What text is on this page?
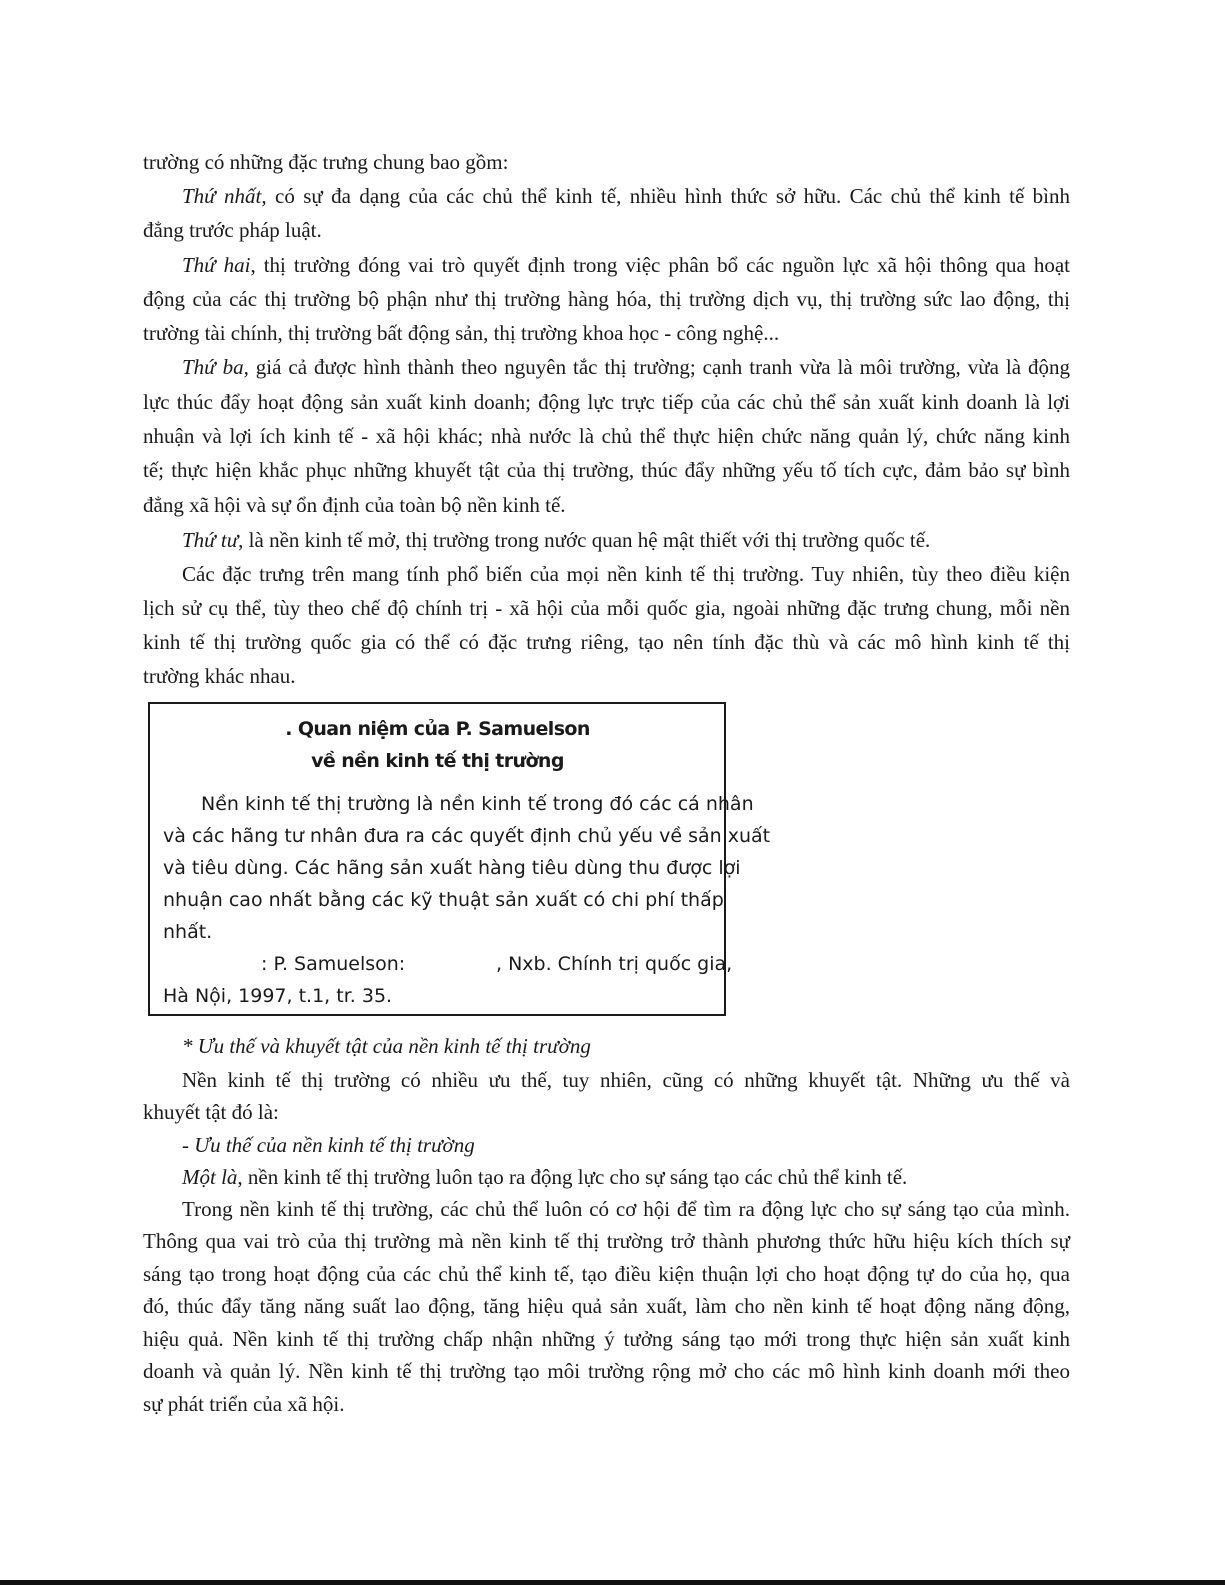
trường có những đặc trưng chung bao gồm:
Thứ nhất, có sự đa dạng của các chủ thể kinh tế, nhiều hình thức sở hữu. Các chủ thể kinh tế bình
đẳng trước pháp luật.
Thứ hai, thị trường đóng vai trò quyết định trong việc phân bổ các nguồn lực xã hội thông qua hoạt
động của các thị trường bộ phận như thị trường hàng hóa, thị trường dịch vụ, thị trường sức lao động, thị
trường tài chính, thị trường bất động sản, thị trường khoa học - công nghệ...
Thứ ba, giá cả được hình thành theo nguyên tắc thị trường; cạnh tranh vừa là môi trường, vừa là động
lực thúc đẩy hoạt động sản xuất kinh doanh; động lực trực tiếp của các chủ thể sản xuất kinh doanh là lợi
nhuận và lợi ích kinh tế - xã hội khác; nhà nước là chủ thể thực hiện chức năng quản lý, chức năng kinh
tế; thực hiện khắc phục những khuyết tật của thị trường, thúc đẩy những yếu tố tích cực, đảm bảo sự bình
đẳng xã hội và sự ổn định của toàn bộ nền kinh tế.
Thứ tư, là nền kinh tế mở, thị trường trong nước quan hệ mật thiết với thị trường quốc tế.
Các đặc trưng trên mang tính phổ biến của mọi nền kinh tế thị trường. Tuy nhiên, tùy theo điều kiện
lịch sử cụ thể, tùy theo chế độ chính trị - xã hội của mỗi quốc gia, ngoài những đặc trưng chung, mỗi nền
kinh tế thị trường quốc gia có thể có đặc trưng riêng, tạo nên tính đặc thù và các mô hình kinh tế thị
trường khác nhau.
* Ưu thế và khuyết tật của nền kinh tế thị trường
Nền kinh tế thị trường có nhiều ưu thế, tuy nhiên, cũng có những khuyết tật. Những ưu thế và
khuyết tật đó là:
- Ưu thế của nền kinh tế thị trường
Một là, nền kinh tế thị trường luôn tạo ra động lực cho sự sáng tạo các chủ thể kinh tế.
Trong nền kinh tế thị trường, các chủ thể luôn có cơ hội để tìm ra động lực cho sự sáng tạo của mình.
Thông qua vai trò của thị trường mà nền kinh tế thị trường trở thành phương thức hữu hiệu kích thích sự
sáng tạo trong hoạt động của các chủ thể kinh tế, tạo điều kiện thuận lợi cho hoạt động tự do của họ, qua
đó, thúc đẩy tăng năng suất lao động, tăng hiệu quả sản xuất, làm cho nền kinh tế hoạt động năng động,
hiệu quả. Nền kinh tế thị trường chấp nhận những ý tưởng sáng tạo mới trong thực hiện sản xuất kinh
doanh và quản lý. Nền kinh tế thị trường tạo môi trường rộng mở cho các mô hình kinh doanh mới theo
sự phát triển của xã hội.
. Quan niệm của P. Samuelson
về nền kinh tế thị trường
Nền kinh tế thị trường là nền kinh tế trong đó các cá nhân
và các hãng tư nhân đưa ra các quyết định chủ yếu về sản xuất
và tiêu dùng. Các hãng sản xuất hàng tiêu dùng thu được lợi
nhuận cao nhất bằng các kỹ thuật sản xuất có chi phí thấp
nhất.
: P. Samuelson:	, Nxb. Chính trị quốc gia,
Hà Nội, 1997, t.1, tr. 35.
